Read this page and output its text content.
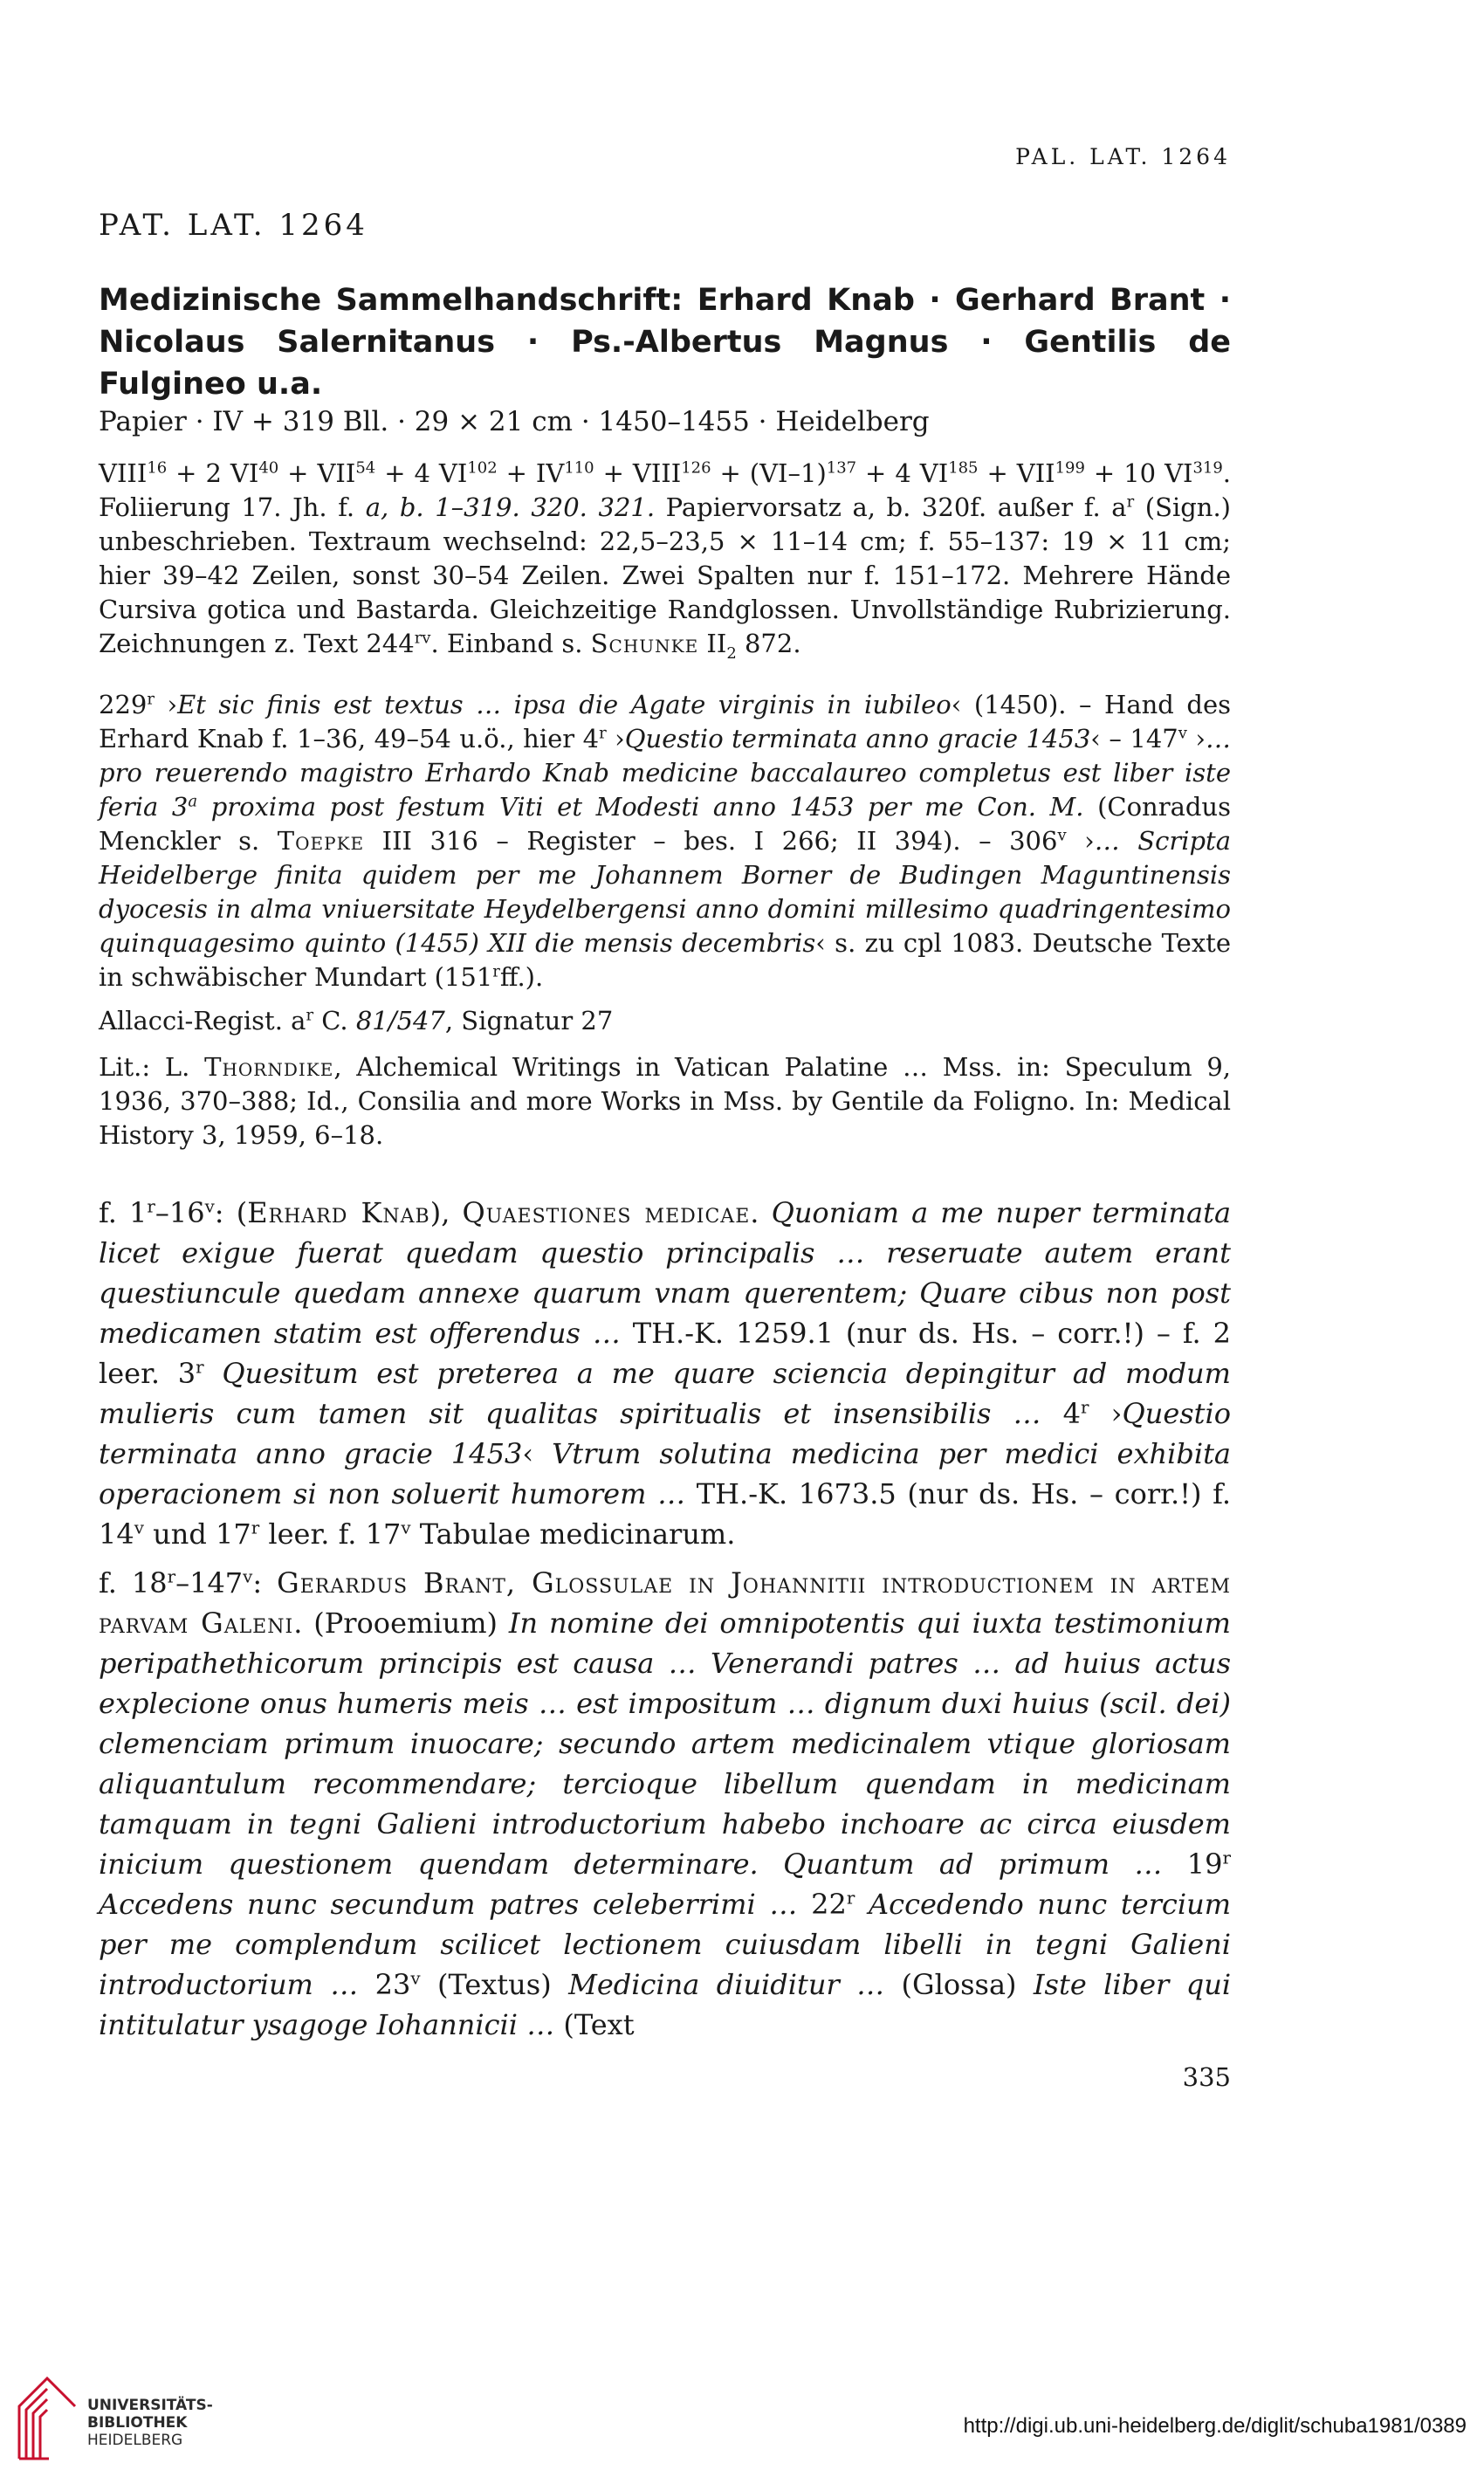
PAL. LAT. 1264
PAT. LAT. 1264
Medizinische Sammelhandschrift: Erhard Knab · Gerhard Brant · Nicolaus Salernitanus · Ps.-Albertus Magnus · Gentilis de Fulgineo u.a.
Papier · IV + 319 Bll. · 29 × 21 cm · 1450–1455 · Heidelberg
$VIII^{16} + 2$ $VI^{40} + VII^{54} + 4$ $VI^{102} + IV^{110}$ + $VIII^{126} + (VI-1)^{137} + 4$ $VI^{185} + VII^{199} + 10$ VI$^{319}$. Foliierung 17. Jh. f. a, b. 1–319. 320. 321. Papiervorsatz a, b. 320f. außer f. $a^r$ (Sign.) unbeschrieben. Textraum wechselnd: 22,5–23,5 × 11–14 cm; f. 55–137: 19 × 11 cm; hier 39–42 Zeilen, sonst 30–54 Zeilen. Zwei Spalten nur f. 151–172. Mehrere Hände Cursiva gotica und Bastarda. Gleichzeitige Randglossen. Unvollständige Rubrizierung. Zeichnungen z. Text $244^{rv}$. Einband s. Schunke $II_2$ 872.
229$^r$ ›Et sic finis est textus … ipsa die Agate virginis in iubileo‹ (1450). – Hand des Erhard Knab f. 1–36, 49–54 u.ö., hier 4$^r$ ›Questio terminata anno gracie 1453‹ – 147$^v$ ›… pro reuerendo magistro Erhardo Knab medicine baccalaureo completus est liber iste feria 3$^a$ proxima post festum Viti et Modesti anno 1453 per me Con. M. (Conradus Menckler s. Toepke III 316 – Register – bes. I 266; II 394). – 306$^v$ ›… Scripta Heidelberge finita quidem per me Johannem Borner de Budingen Maguntinensis dyocesis in alma vniuersitate Heydelbergensi anno domini millesimo quadringentesimo quinquagesimo quinto (1455) XII die mensis decembris‹ s. zu cpl 1083. Deutsche Texte in schwäbischer Mundart (151$^r$ff.).
Allacci-Regist. $a^r$ C. 81/547, Signatur 27
Lit.: L. Thorndike, Alchemical Writings in Vatican Palatine … Mss. in: Speculum 9, 1936, 370–388; Id., Consilia and more Works in Mss. by Gentile da Foligno. In: Medical History 3, 1959, 6–18.
f. 1$^r$–16$^v$: (Erhard Knab), Quaestiones medicae. Quoniam a me nuper terminata licet exigue fuerat quedam questio principalis … reseruate autem erant questiuncule quedam annexe quarum vnam querentem; Quare cibus non post medicamen statim est offerendus … TH.-K. 1259.1 (nur ds. Hs. – corr.!) – f. 2 leer. 3$^r$ Quesitum est preterea a me quare sciencia depingitur ad modum mulieris cum tamen sit qualitas spiritualis et insensibilis … 4$^r$ ›Questio terminata anno gracie 1453‹ Vtrum solutina medicina per medici exhibita operacionem si non soluerit humorem … TH.-K. 1673.5 (nur ds. Hs. – corr.!) f. 14$^v$ und 17$^r$ leer. f. 17$^v$ Tabulae medicinarum.
f. 18$^r$–147$^v$: Gerardus Brant, Glossulae in Johannitii introductionem in artem parvam Galeni. (Prooemium) In nomine dei omnipotentis qui iuxta testimonium peripathethicorum principis est causa … Venerandi patres … ad huius actus explecione onus humeris meis … est impositum … dignum duxi huius (scil. dei) clemenciam primum inuocare; secundo artem medicinalem vtique gloriosam aliquantulum recommendare; tercioque libellum quendam in medicinam tamquam in tegni Galieni introductorium habebo inchoare ac circa eiusdem inicium questionem quendam determinare. Quantum ad primum … 19$^r$ Accedens nunc secundum patres celeberrimi … 22$^r$ Accedendo nunc tercium per me complendum scilicet lectionem cuiusdam libelli in tegni Galieni introductorium … 23$^v$ (Textus) Medicina diuiditur … (Glossa) Iste liber qui intitulatur ysagoge Iohannicii … (Text
335
UNIVERSITÄTS-
BIBLIOTHEK
HEIDELBERG
http://digi.ub.uni-heidelberg.de/diglit/schuba1981/0389
